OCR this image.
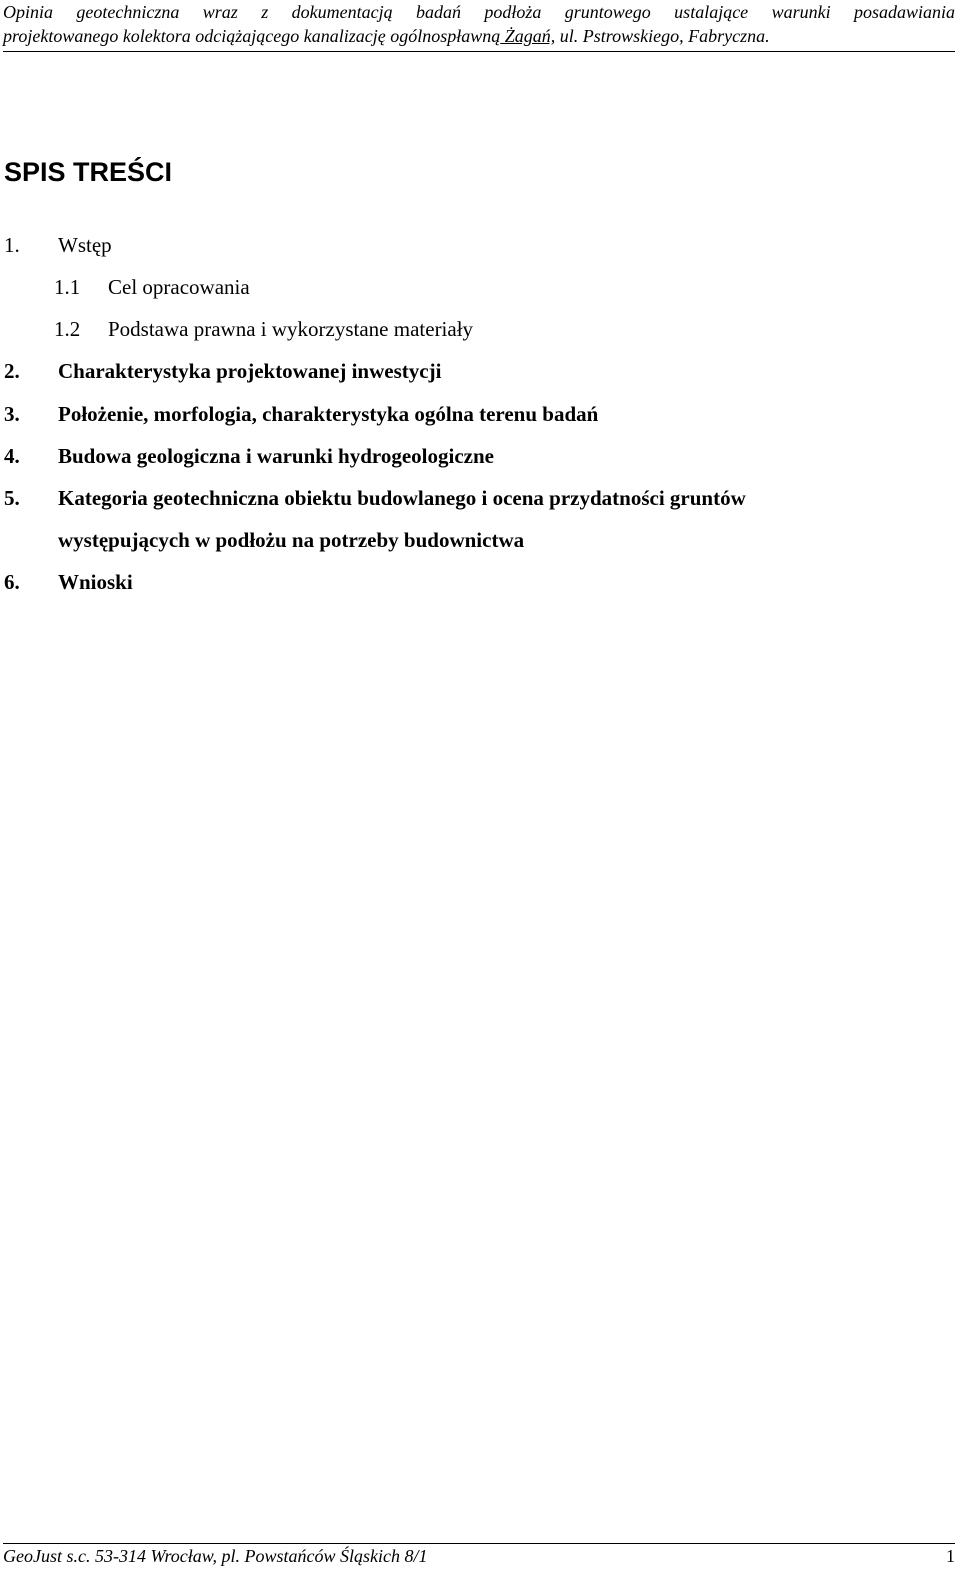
Opinia geotechniczna wraz z dokumentacją badań podłoża gruntowego ustalające warunki posadawiania
projektowanego kolektora odciążającego kanalizację ogólnospławną Żagań, ul. Pstrowskiego, Fabryczna.
SPIS TREŚCI
1. Wstęp
1.1 Cel opracowania
1.2 Podstawa prawna i wykorzystane materiały
2. Charakterystyka projektowanej inwestycji
3. Położenie, morfologia, charakterystyka ogólna terenu badań
4. Budowa geologiczna i warunki hydrogeologiczne
5. Kategoria geotechniczna obiektu budowlanego i ocena przydatności gruntów
występujących w podłożu na potrzeby budownictwa
6. Wnioski
GeoJust s.c. 53-314 Wrocław, pl. Powstańców Śląskich 8/1	1
